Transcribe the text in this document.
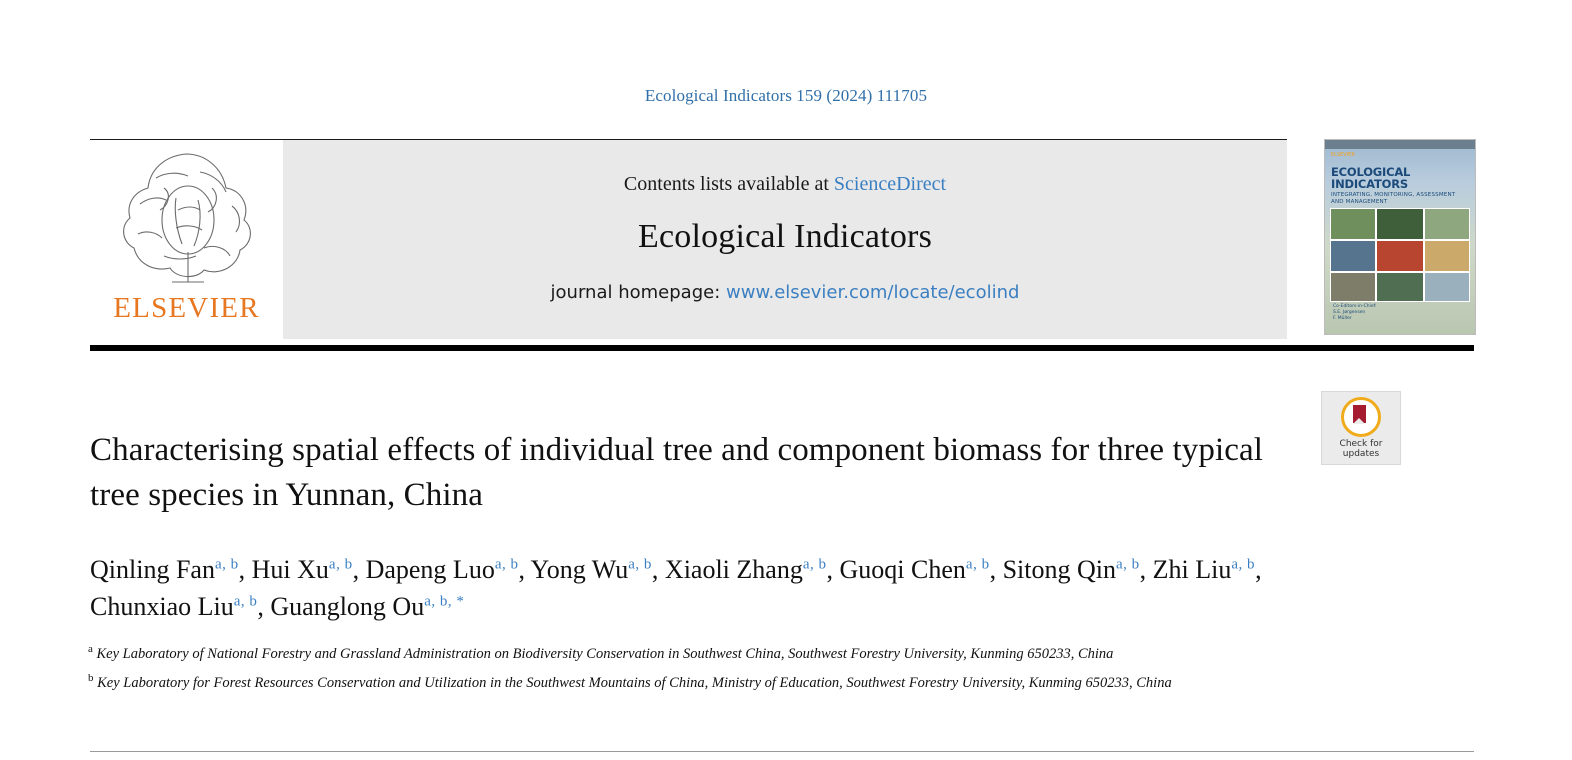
Ecological Indicators 159 (2024) 111705
ELSEVIER
Contents lists available at ScienceDirect
Ecological Indicators
journal homepage: www.elsevier.com/locate/ecolind
ELSEVIER
ECOLOGICAL INDICATORS
INTEGRATING, MONITORING, ASSESSMENT AND MANAGEMENT
Co-Editors-in-Chief:
S.E. Jørgensen
F. Müller
Check for
updates
Characterising spatial effects of individual tree and component biomass for three typical tree species in Yunnan, China
Qinling Fan$^{a, b}$, Hui Xu$^{a, b}$, Dapeng Luo$^{a, b}$, Yong Wu$^{a, b}$, Xiaoli Zhang$^{a, b}$, Guoqi Chen$^{a, b}$, Sitong Qin$^{a, b}$, Zhi Liu$^{a, b}$, Chunxiao Liu$^{a, b}$, Guanglong $Ou^{a, b, *}$
$^a$ Key Laboratory of National Forestry and Grassland Administration on Biodiversity Conservation in Southwest China, Southwest Forestry University, Kunming 650233, China
$^b$ Key Laboratory for Forest Resources Conservation and Utilization in the Southwest Mountains of China, Ministry of Education, Southwest Forestry University, Kunming 650233, China
